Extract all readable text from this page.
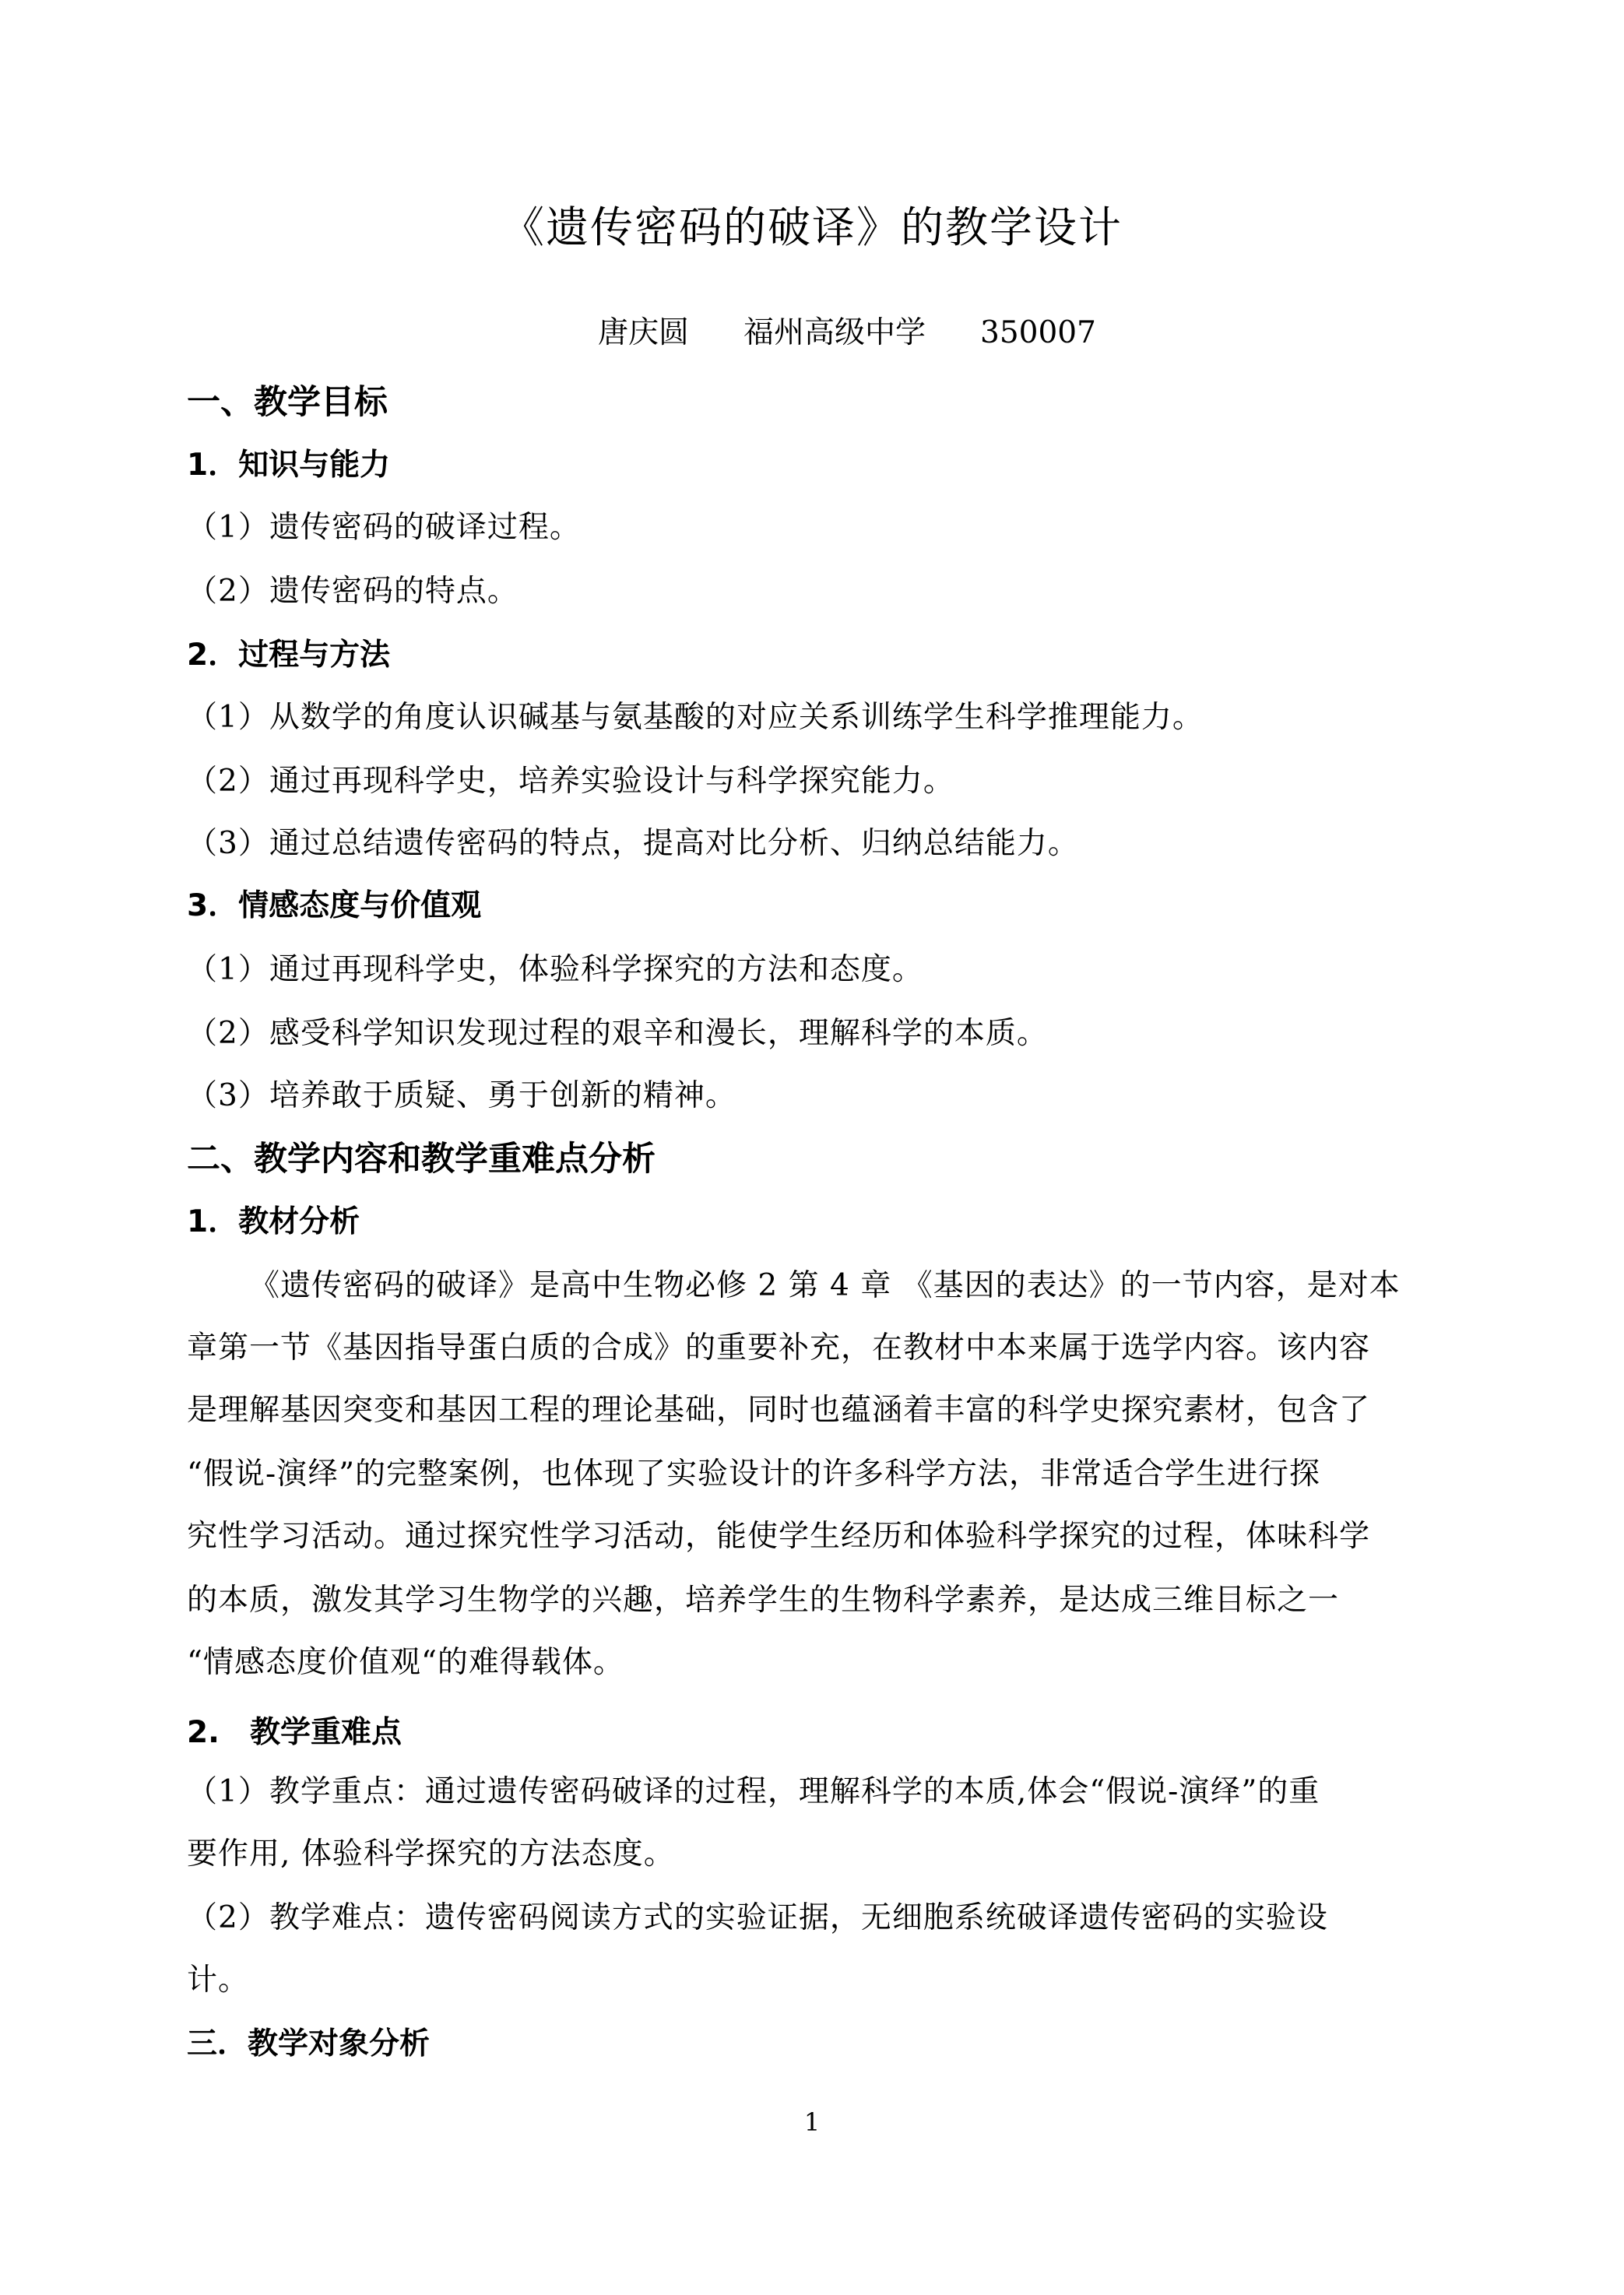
《遗传密码的破译》的教学设计
唐庆圆 福州高级中学 350007
一、教学目标
1．知识与能力
（1）遗传密码的破译过程。
（2）遗传密码的特点。
2．过程与方法
（1）从数学的角度认识碱基与氨基酸的对应关系训练学生科学推理能力。
（2）通过再现科学史，培养实验设计与科学探究能力。
（3）通过总结遗传密码的特点，提高对比分析、归纳总结能力。
3．情感态度与价值观
（1）通过再现科学史，体验科学探究的方法和态度。
（2）感受科学知识发现过程的艰辛和漫长，理解科学的本质。
（3）培养敢于质疑、勇于创新的精神。
二、教学内容和教学重难点分析
1．教材分析
《遗传密码的破译》是高中生物必修 2 第 4 章 《基因的表达》的一节内容，是对本
章第一节《基因指导蛋白质的合成》的重要补充，在教材中本来属于选学内容。该内容
是理解基因突变和基因工程的理论基础，同时也蕴涵着丰富的科学史探究素材，包含了
“假说-演绎”的完整案例，也体现了实验设计的许多科学方法，非常适合学生进行探
究性学习活动。通过探究性学习活动，能使学生经历和体验科学探究的过程，体味科学
的本质，激发其学习生物学的兴趣，培养学生的生物科学素养，是达成三维目标之一
“情感态度价值观“的难得载体。
2.　教学重难点
（1）教学重点：通过遗传密码破译的过程，理解科学的本质,体会“假说-演绎”的重
要作用, 体验科学探究的方法态度。
（2）教学难点：遗传密码阅读方式的实验证据，无细胞系统破译遗传密码的实验设
计。
三．教学对象分析
1
